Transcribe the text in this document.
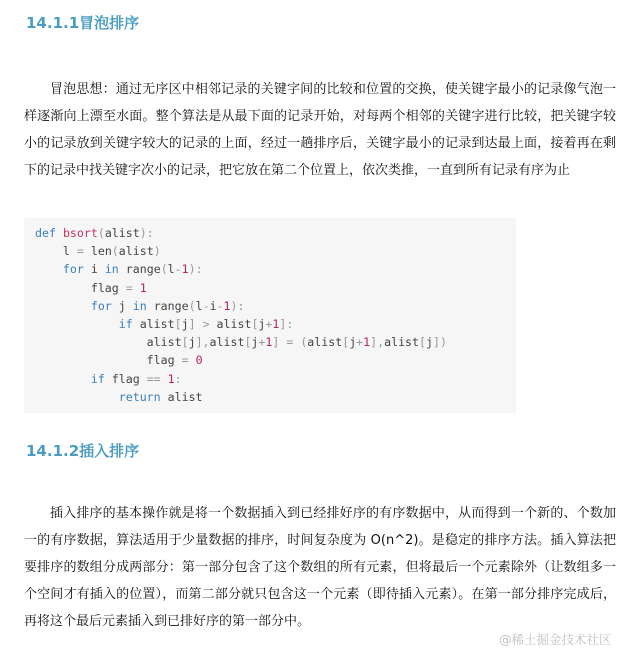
14.1.1冒泡排序

冒泡思想：通过无序区中相邻记录的关键字间的比较和位置的交换，使关键字最小的记录像气泡一样逐渐向上漂至水面。整个算法是从最下面的记录开始，对每两个相邻的关键字进行比较，把关键字较小的记录放到关键字较大的记录的上面，经过一趟排序后，关键字最小的记录到达最上面，接着再在剩下的记录中找关键字次小的记录，把它放在第二个位置上，依次类推，一直到所有记录有序为止

def bsort(alist):
l = len(alist)
for i in range(l-1):
flag = 1
for j in range(l-i-1):
if alist[j] > alist[j+1]:
alist[j],alist[j+1] = (alist[j+1],alist[j])
flag = 0
if flag == 1:
return alist
14.1.2插入排序

插入排序的基本操作就是将一个数据插入到已经排好序的有序数据中，从而得到一个新的、个数加一的有序数据，算法适用于少量数据的排序，时间复杂度为 O(n^2)。是稳定的排序方法。插入算法把要排序的数组分成两部分：第一部分包含了这个数组的所有元素，但将最后一个元素除外（让数组多一个空间才有插入的位置），而第二部分就只包含这一个元素（即待插入元素）。在第一部分排序完成后，再将这个最后元素插入到已排好序的第一部分中。

@稀土掘金技术社区
